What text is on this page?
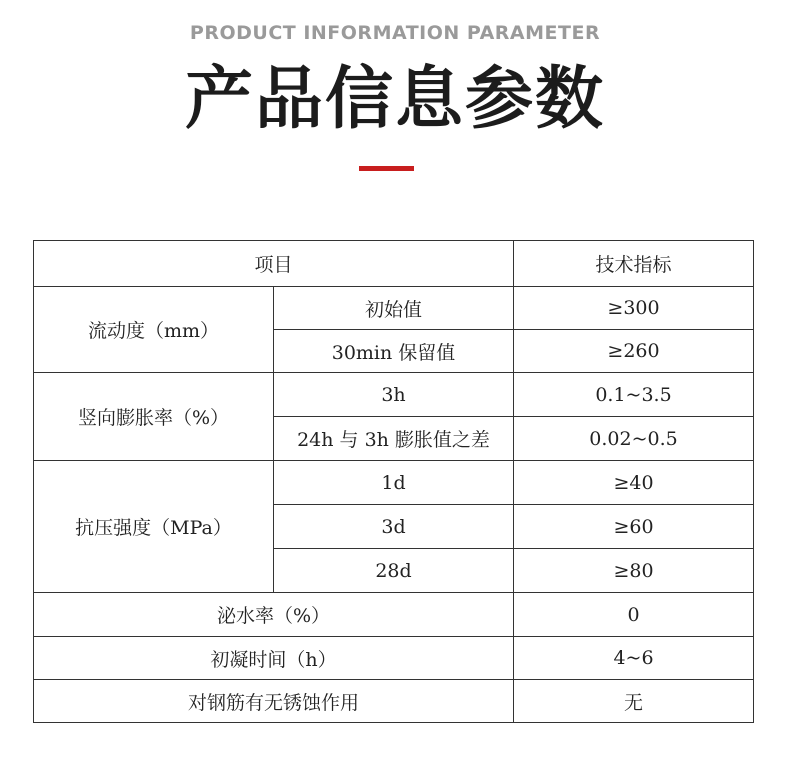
PRODUCT INFORMATION PARAMETER
产品信息参数
项目		技术指标
流动度（mm）	初始值	≥300
	30min 保留值	≥260
竖向膨胀率（%）	3h	0.1~3.5
	24h 与 3h 膨胀值之差	0.02~0.5
抗压强度（MPa）	1d	≥40
	3d	≥60
	28d	≥80
泌水率（%）		0
初凝时间（h）		4~6
对钢筋有无锈蚀作用		无
